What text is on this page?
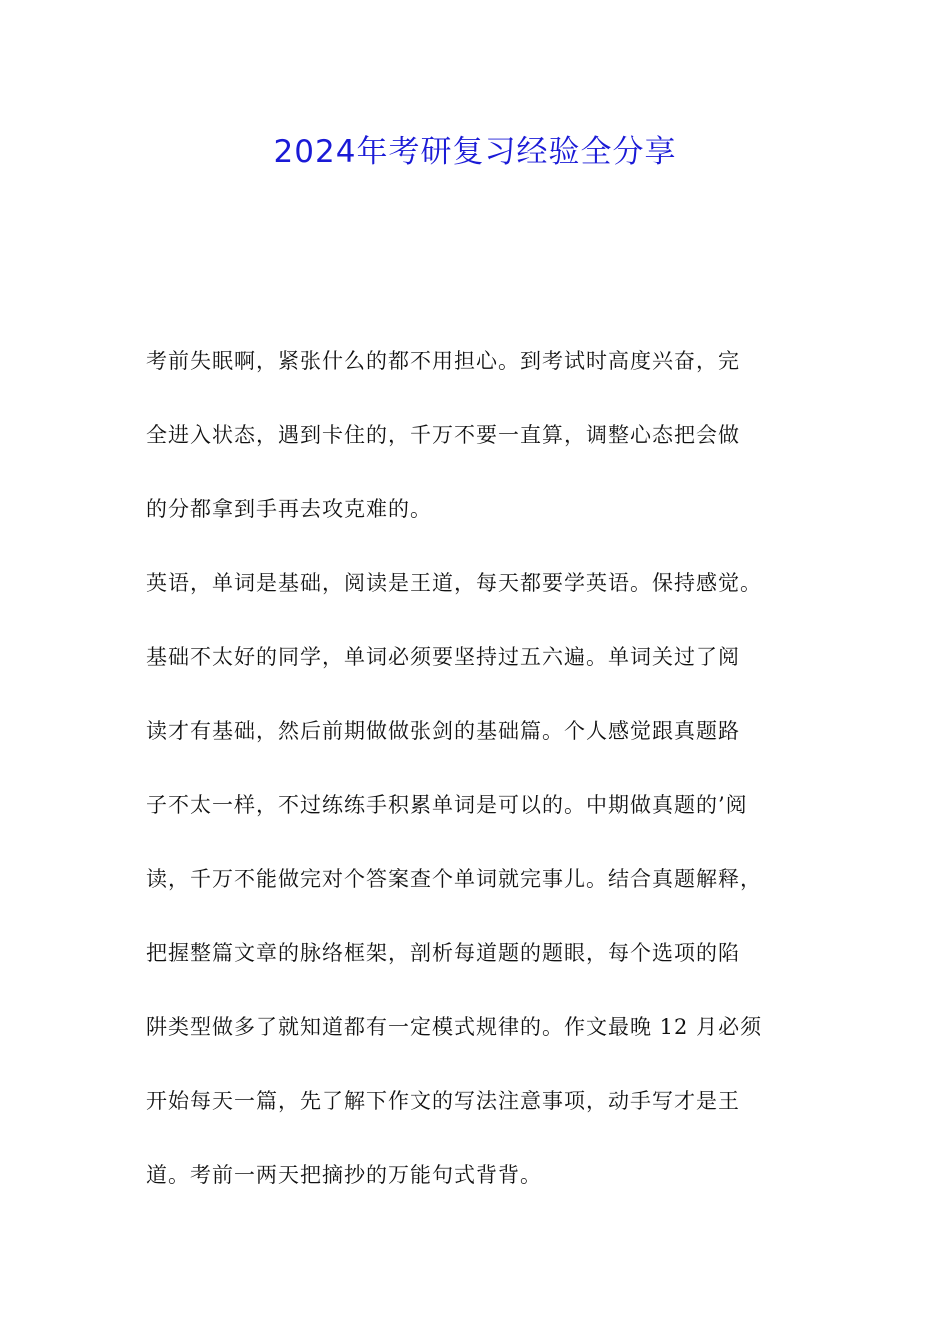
2024年考研复习经验全分享
考前失眠啊，紧张什么的都不用担心。到考试时高度兴奋，完
全进入状态，遇到卡住的，千万不要一直算，调整心态把会做
的分都拿到手再去攻克难的。
英语，单词是基础，阅读是王道，每天都要学英语。保持感觉。
基础不太好的同学，单词必须要坚持过五六遍。单词关过了阅
读才有基础，然后前期做做张剑的基础篇。个人感觉跟真题路
子不太一样，不过练练手积累单词是可以的。中期做真题的’阅
读，千万不能做完对个答案查个单词就完事儿。结合真题解释，
把握整篇文章的脉络框架，剖析每道题的题眼，每个选项的陷
阱类型做多了就知道都有一定模式规律的。作文最晚 12 月必须
开始每天一篇，先了解下作文的写法注意事项，动手写才是王
道。考前一两天把摘抄的万能句式背背。
